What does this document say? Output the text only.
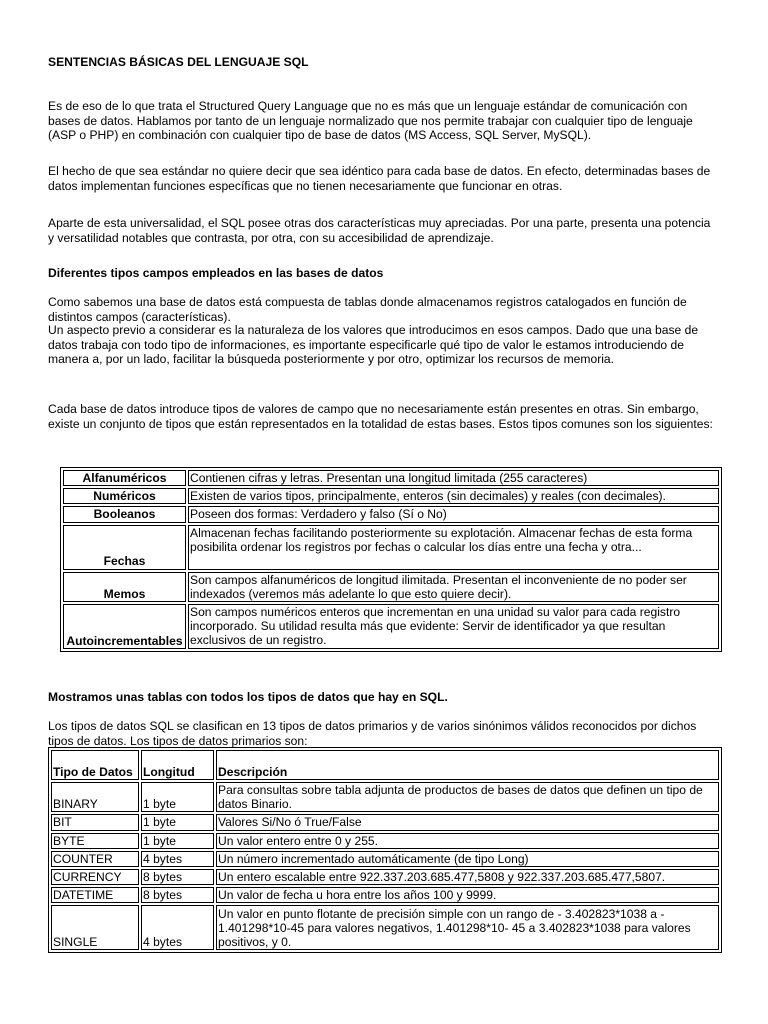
SENTENCIAS BÁSICAS DEL LENGUAJE SQL

Es de eso de lo que trata el Structured Query Language que no es más que un lenguaje estándar de comunicación con bases de datos. Hablamos por tanto de un lenguaje normalizado que nos permite trabajar con cualquier tipo de lenguaje (ASP o PHP) en combinación con cualquier tipo de base de datos (MS Access, SQL Server, MySQL).

El hecho de que sea estándar no quiere decir que sea idéntico para cada base de datos. En efecto, determinadas bases de datos implementan funciones específicas que no tienen necesariamente que funcionar en otras.

Aparte de esta universalidad, el SQL posee otras dos características muy apreciadas. Por una parte, presenta una potencia y versatilidad notables que contrasta, por otra, con su accesibilidad de aprendizaje.

Diferentes tipos campos empleados en las bases de datos

Como sabemos una base de datos está compuesta de tablas donde almacenamos registros catalogados en función de distintos campos (características).

Un aspecto previo a considerar es la naturaleza de los valores que introducimos en esos campos. Dado que una base de datos trabaja con todo tipo de informaciones, es importante especificarle qué tipo de valor le estamos introduciendo de manera a, por un lado, facilitar la búsqueda posteriormente y por otro, optimizar los recursos de memoria.

Cada base de datos introduce tipos de valores de campo que no necesariamente están presentes en otras. Sin embargo, existe un conjunto de tipos que están representados en la totalidad de estas bases. Estos tipos comunes son los siguientes:

Alfanuméricos	Contienen cifras y letras. Presentan una longitud limitada (255 caracteres)
Numéricos	Existen de varios tipos, principalmente, enteros (sin decimales) y reales (con decimales).
Booleanos	Poseen dos formas: Verdadero y falso (Sí o No)
Fechas	Almacenan fechas facilitando posteriormente su explotación. Almacenar fechas de esta forma posibilita ordenar los registros por fechas o calcular los días entre una fecha y otra...
Memos	Son campos alfanuméricos de longitud ilimitada. Presentan el inconveniente de no poder ser indexados (veremos más adelante lo que esto quiere decir).
Autoincrementables	Son campos numéricos enteros que incrementan en una unidad su valor para cada registro incorporado. Su utilidad resulta más que evidente: Servir de identificador ya que resultan exclusivos de un registro.

Mostramos unas tablas con todos los tipos de datos que hay en SQL.

Los tipos de datos SQL se clasifican en 13 tipos de datos primarios y de varios sinónimos válidos reconocidos por dichos tipos de datos. Los tipos de datos primarios son:

Tipo de Datos	Longitud	Descripción
BINARY	1 byte	Para consultas sobre tabla adjunta de productos de bases de datos que definen un tipo de datos Binario.
BIT	1 byte	Valores Si/No ó True/False
BYTE	1 byte	Un valor entero entre 0 y 255.
COUNTER	4 bytes	Un número incrementado automáticamente (de tipo Long)
CURRENCY	8 bytes	Un entero escalable entre 922.337.203.685.477,5808 y 922.337.203.685.477,5807.
DATETIME	8 bytes	Un valor de fecha u hora entre los años 100 y 9999.
SINGLE	4 bytes	Un valor en punto flotante de precisión simple con un rango de - 3.402823*1038 a - 1.401298*10-45 para valores negativos, 1.401298*10- 45 a 3.402823*1038 para valores positivos, y 0.
